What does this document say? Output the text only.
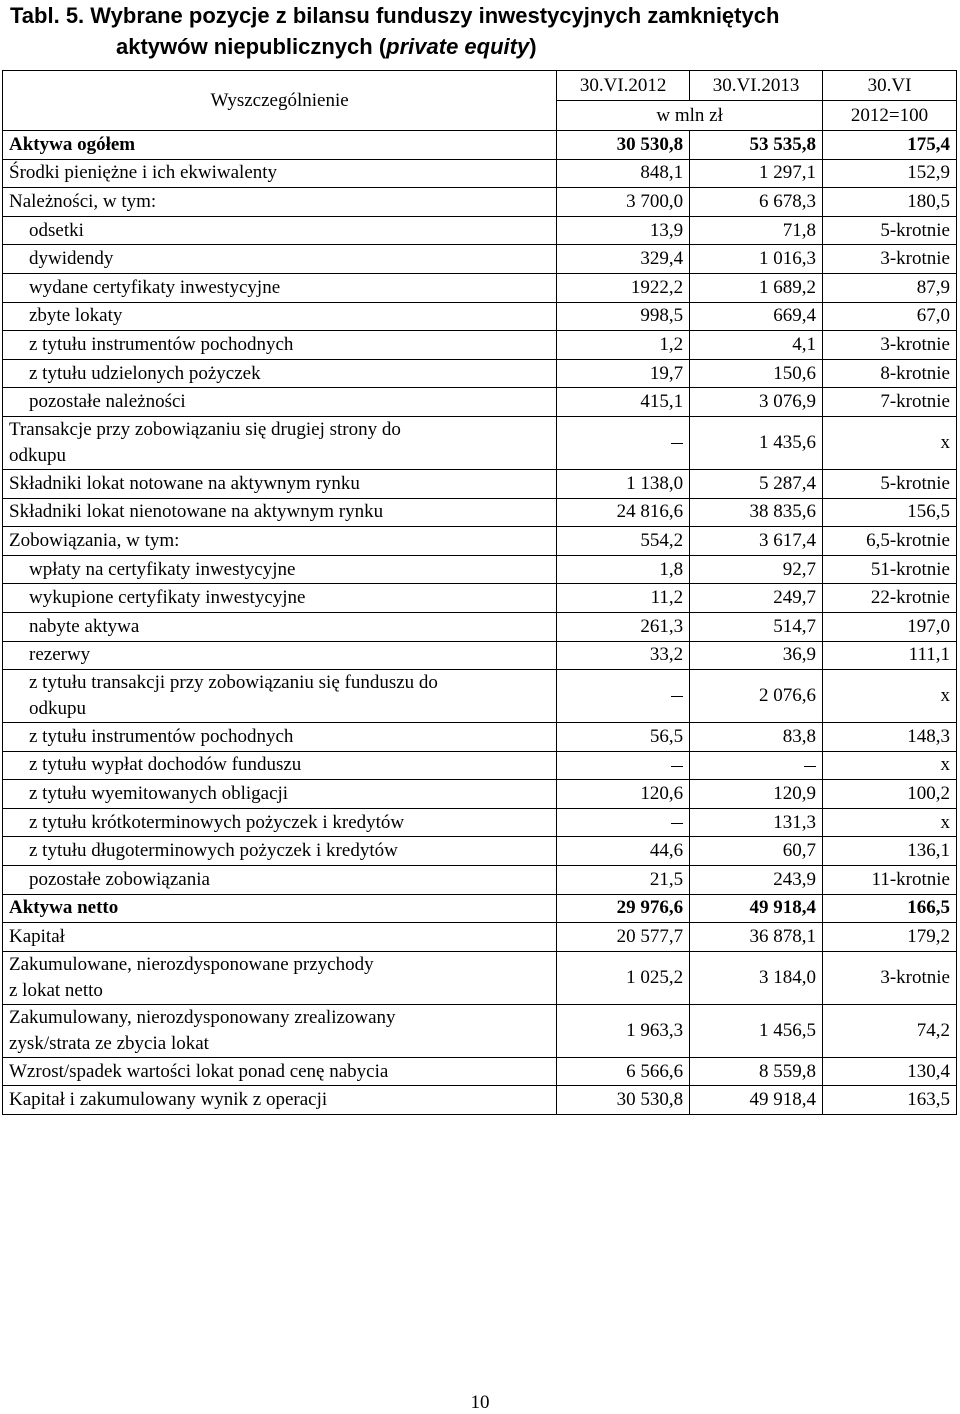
Tabl. 5. Wybrane pozycje z bilansu funduszy inwestycyjnych zamkniętych
aktywów niepublicznych (private equity)
Wyszczególnienie	30.VI.2012	30.VI.2013	30.VI
	w mln zł		2012=100
Aktywa ogółem	30 530,8	53 535,8	175,4
Środki pieniężne i ich ekwiwalenty	848,1	1 297,1	152,9
Należności, w tym:	3 700,0	6 678,3	180,5
odsetki	13,9	71,8	5-krotnie
dywidendy	329,4	1 016,3	3-krotnie
wydane certyfikaty inwestycyjne	1922,2	1 689,2	87,9
zbyte lokaty	998,5	669,4	67,0
z tytułu instrumentów pochodnych	1,2	4,1	3-krotnie
z tytułu udzielonych pożyczek	19,7	150,6	8-krotnie
pozostałe należności	415,1	3 076,9	7-krotnie

Transakcje przy zobowiązaniu się drugiej strony do
odkupu		1 435,6	x
Składniki lokat notowane na aktywnym rynku	1 138,0	5 287,4	5-krotnie
Składniki lokat nienotowane na aktywnym rynku	24 816,6	38 835,6	156,5
Zobowiązania, w tym:	554,2	3 617,4	6,5-krotnie
wpłaty na certyfikaty inwestycyjne	1,8	92,7	51-krotnie
wykupione certyfikaty inwestycyjne	11,2	249,7	22-krotnie
nabyte aktywa	261,3	514,7	197,0
rezerwy	33,2	36,9	111,1

z tytułu transakcji przy zobowiązaniu się funduszu do
odkupu		2 076,6	x
z tytułu instrumentów pochodnych	56,5	83,8	148,3
z tytułu wypłat dochodów funduszu			x
z tytułu wyemitowanych obligacji	120,6	120,9	100,2
z tytułu krótkoterminowych pożyczek i kredytów		131,3	x
z tytułu długoterminowych pożyczek i kredytów	44,6	60,7	136,1
pozostałe zobowiązania	21,5	243,9	11-krotnie
Aktywa netto	29 976,6	49 918,4	166,5
Kapitał	20 577,7	36 878,1	179,2

Zakumulowane, nierozdysponowane przychody
z lokat netto	1 025,2	3 184,0	3-krotnie

Zakumulowany, nierozdysponowany zrealizowany
zysk/strata ze zbycia lokat	1 963,3	1 456,5	74,2
Wzrost/spadek wartości lokat ponad cenę nabycia	6 566,6	8 559,8	130,4
Kapitał i zakumulowany wynik z operacji	30 530,8	49 918,4	163,5
10
